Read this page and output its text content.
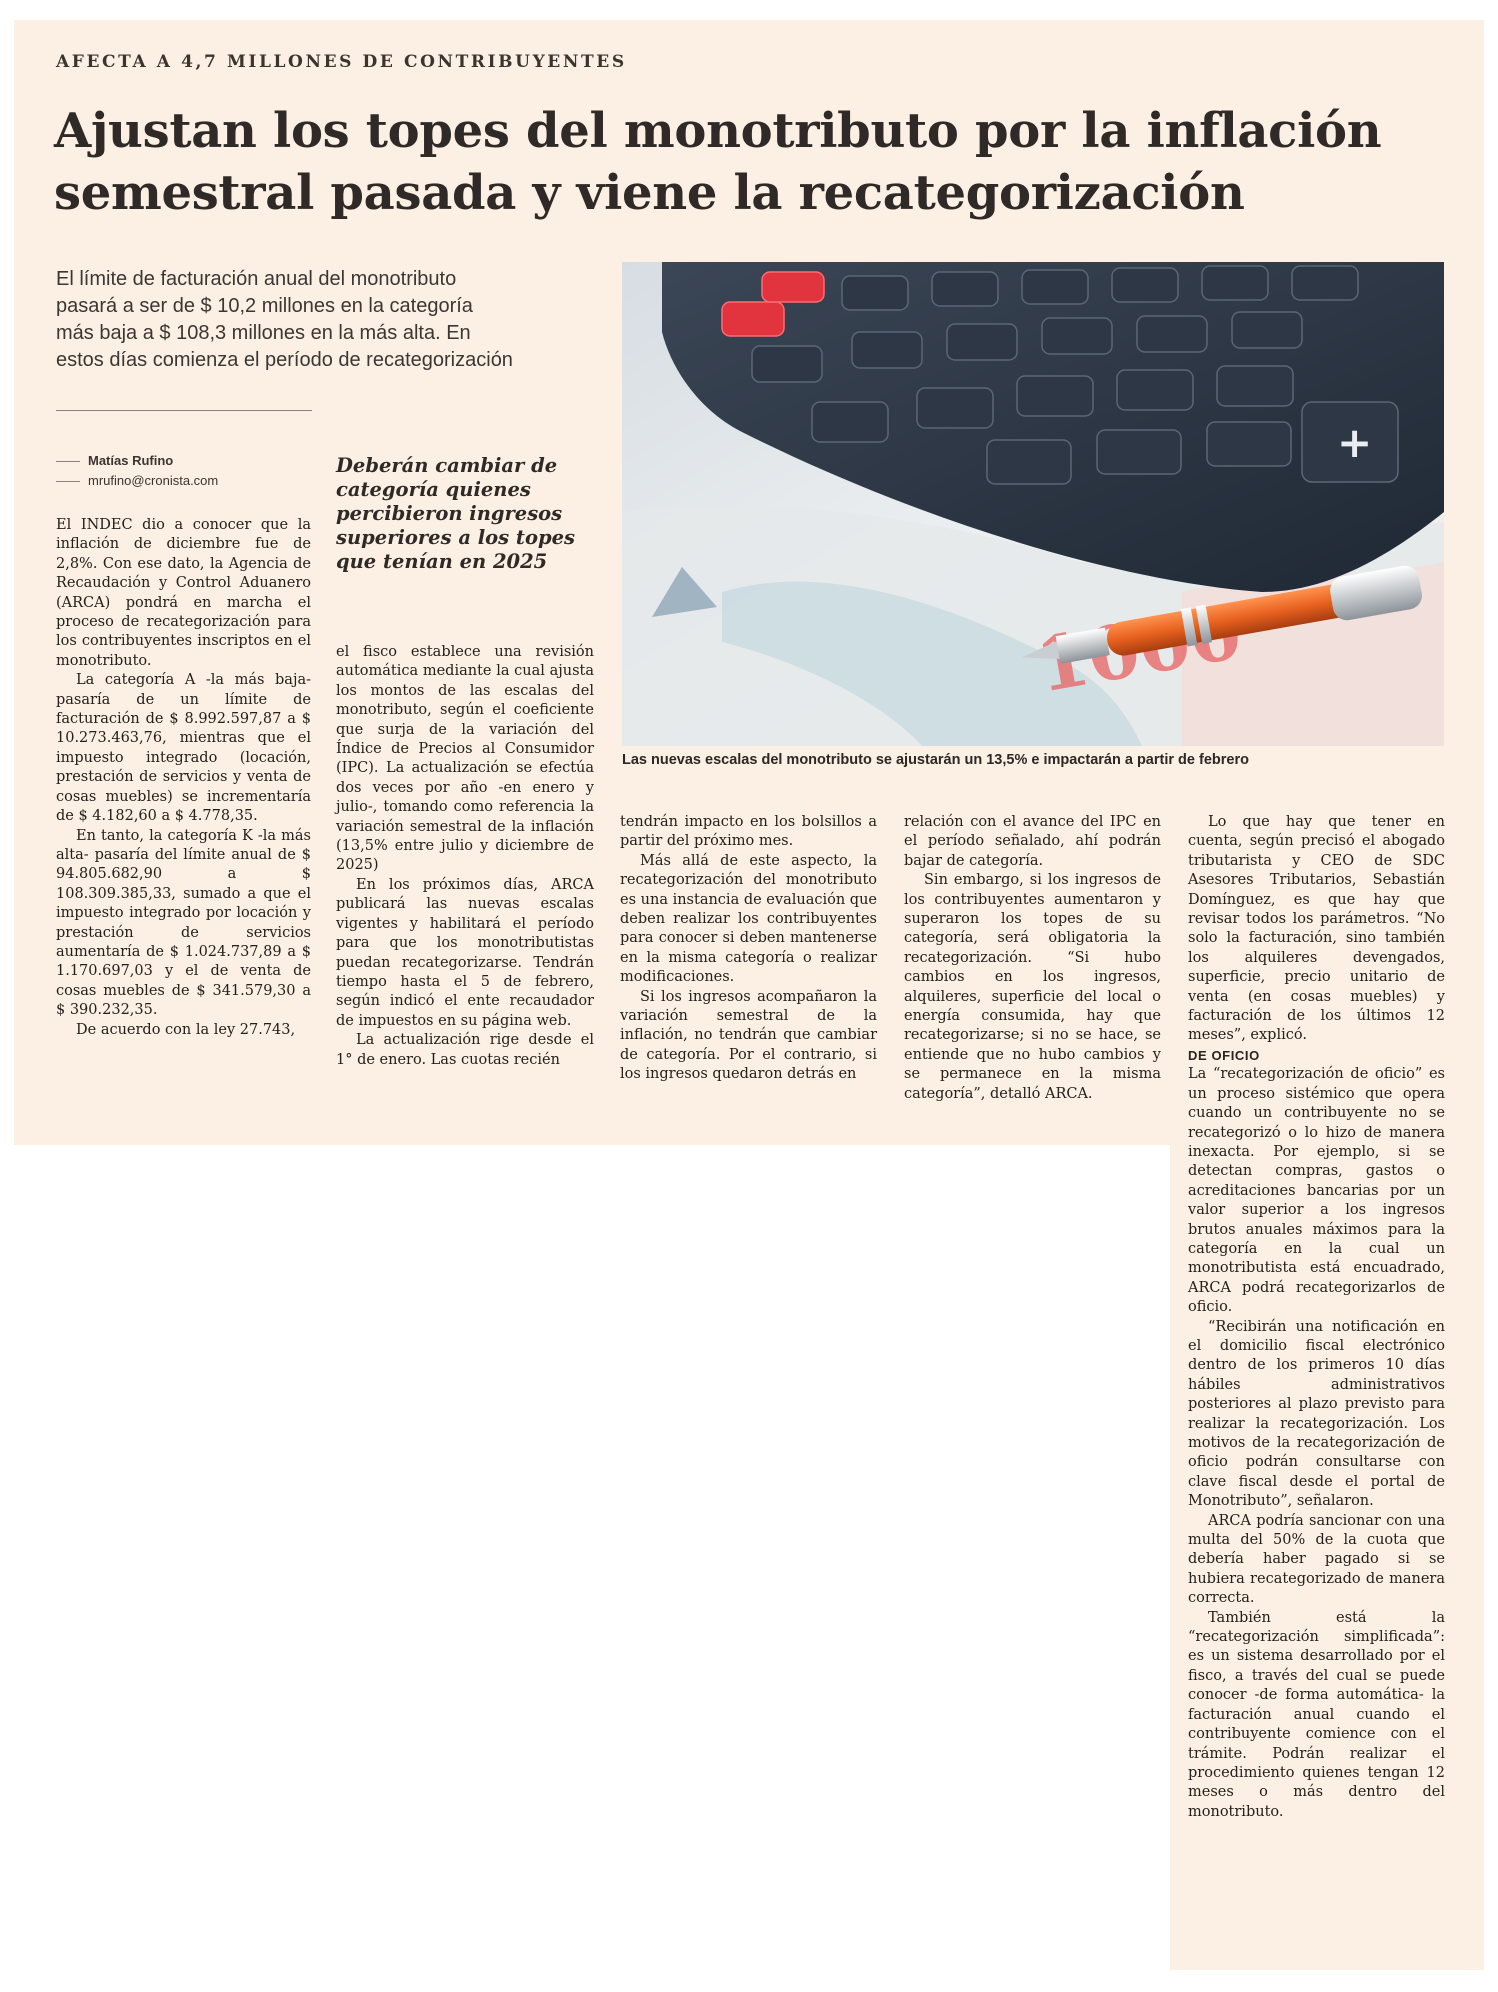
AFECTA A 4,7 MILLONES DE CONTRIBUYENTES
Ajustan los topes del monotributo por la inflación semestral pasada y viene la recategorización

El límite de facturación anual del monotributo pasará a ser de $ 10,2 millones en la categoría más baja a $ 108,3 millones en la más alta. En estos días comienza el período de recategorización

Matías Rufino
mrufino@cronista.com

Deberán cambiar de categoría quienes percibieron ingresos superiores a los topes que tenían en 2025

El INDEC dio a conocer que la inflación de diciembre fue de 2,8%. Con ese dato, la Agencia de Recaudación y Control Aduanero (ARCA) pondrá en marcha el proceso de recategorización para los contribuyentes inscriptos en el monotributo.

La categoría A -la más baja- pasaría de un límite de facturación de $ 8.992.597,87 a $ 10.273.463,76, mientras que el impuesto integrado (locación, prestación de servicios y venta de cosas muebles) se incrementaría de $ 4.182,60 a $ 4.778,35.

En tanto, la categoría K -la más alta- pasaría del límite anual de $ 94.805.682,90 a $ 108.309.385,33, sumado a que el impuesto integrado por locación y prestación de servicios aumentaría de $ 1.024.737,89 a $ 1.170.697,03 y el de venta de cosas muebles de $ 341.579,30 a $ 390.232,35.

De acuerdo con la ley 27.743,

el fisco establece una revisión automática mediante la cual ajusta los montos de las escalas del monotributo, según el coeficiente que surja de la variación del Índice de Precios al Consumidor (IPC). La actualización se efectúa dos veces por año -en enero y julio-, tomando como referencia la variación semestral de la inflación (13,5% entre julio y diciembre de 2025)

En los próximos días, ARCA publicará las nuevas escalas vigentes y habilitará el período para que los monotributistas puedan recategorizarse. Tendrán tiempo hasta el 5 de febrero, según indicó el ente recaudador de impuestos en su página web.

La actualización rige desde el 1° de enero. Las cuotas recién

+
Las nuevas escalas del monotributo se ajustarán un 13,5% e impactarán a partir de febrero

tendrán impacto en los bolsillos a partir del próximo mes.

Más allá de este aspecto, la recategorización del monotributo es una instancia de evaluación que deben realizar los contribuyentes para conocer si deben mantenerse en la misma categoría o realizar modificaciones.

Si los ingresos acompañaron la variación semestral de la inflación, no tendrán que cambiar de categoría. Por el contrario, si los ingresos quedaron detrás en

relación con el avance del IPC en el período señalado, ahí podrán bajar de categoría.

Sin embargo, si los ingresos de los contribuyentes aumentaron y superaron los topes de su categoría, será obligatoria la recategorización. “Si hubo cambios en los ingresos, alquileres, superficie del local o energía consumida, hay que recategorizarse; si no se hace, se entiende que no hubo cambios y se permanece en la misma categoría”, detalló ARCA.

Lo que hay que tener en cuenta, según precisó el abogado tributarista y CEO de SDC Asesores Tributarios, Sebastián Domínguez, es que hay que revisar todos los parámetros. “No solo la facturación, sino también los alquileres devengados, superficie, precio unitario de venta (en cosas muebles) y facturación de los últimos 12 meses”, explicó.

DE OFICIO

La “recategorización de oficio” es un proceso sistémico que opera cuando un contribuyente no se recategorizó o lo hizo de manera inexacta. Por ejemplo, si se detectan compras, gastos o acreditaciones bancarias por un valor superior a los ingresos brutos anuales máximos para la categoría en la cual un monotributista está encuadrado, ARCA podrá recategorizarlos de oficio.

“Recibirán una notificación en el domicilio fiscal electrónico dentro de los primeros 10 días hábiles administrativos posteriores al plazo previsto para realizar la recategorización. Los motivos de la recategorización de oficio podrán consultarse con clave fiscal desde el portal de Monotributo”, señalaron.

ARCA podría sancionar con una multa del 50% de la cuota que debería haber pagado si se hubiera recategorizado de manera correcta.

También está la “recategorización simplificada”: es un sistema desarrollado por el fisco, a través del cual se puede conocer -de forma automática- la facturación anual cuando el contribuyente comience con el trámite. Podrán realizar el procedimiento quienes tengan 12 meses o más dentro del monotributo.
